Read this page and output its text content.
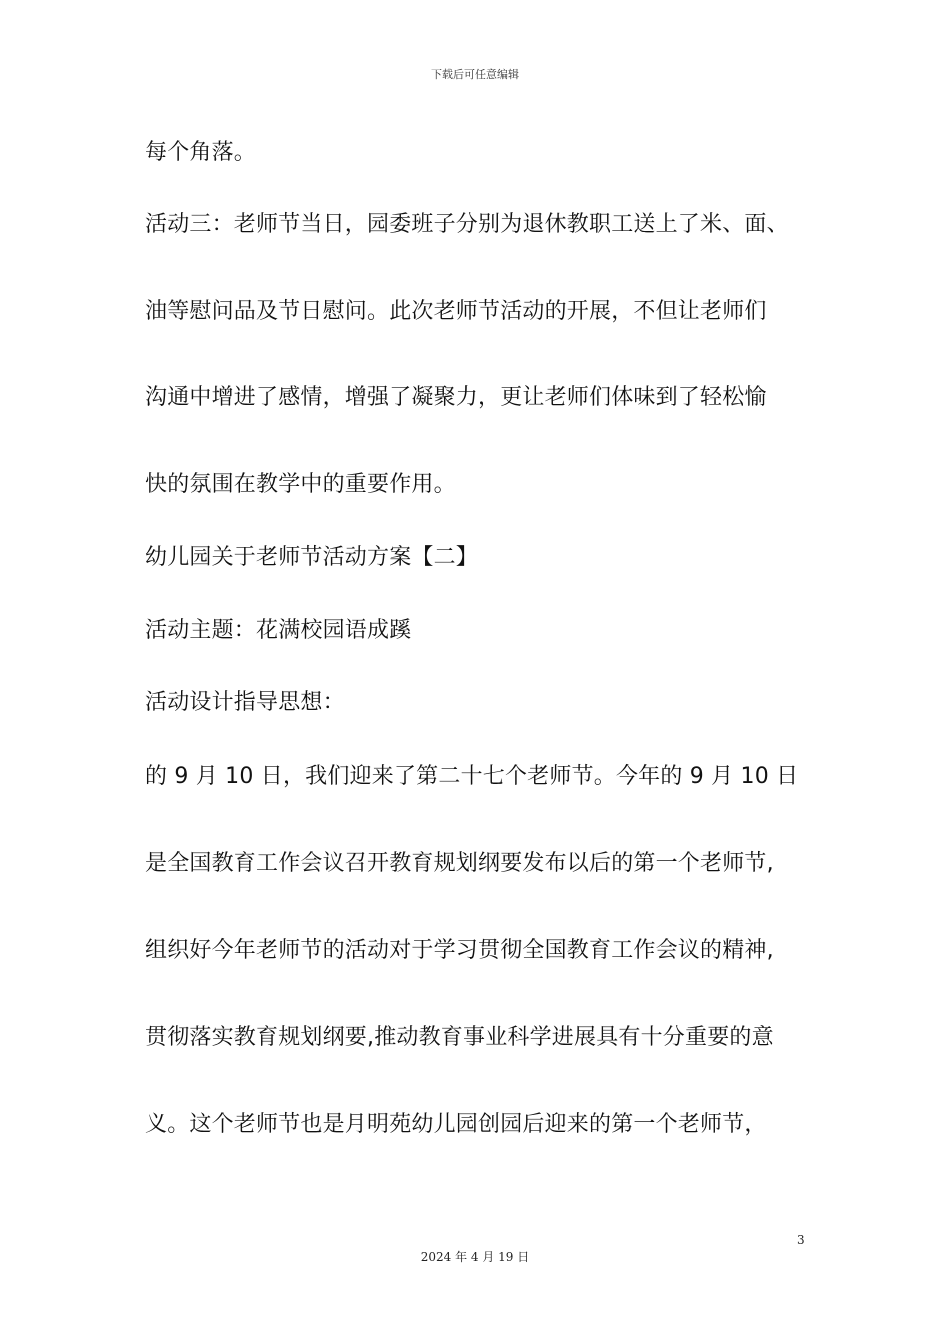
下载后可任意编辑
每个角落。
活动三：老师节当日，园委班子分别为退休教职工送上了米、面、
油等慰问品及节日慰问。此次老师节活动的开展，不但让老师们
沟通中增进了感情，增强了凝聚力，更让老师们体味到了轻松愉
快的氛围在教学中的重要作用。
幼儿园关于老师节活动方案【二】
活动主题：花满校园语成蹊
活动设计指导思想：
的 9 月 10 日，我们迎来了第二十七个老师节。今年的 9 月 10 日
是全国教育工作会议召开教育规划纲要发布以后的第一个老师节,
组织好今年老师节的活动对于学习贯彻全国教育工作会议的精神,
贯彻落实教育规划纲要,推动教育事业科学进展具有十分重要的意
义。这个老师节也是月明苑幼儿园创园后迎来的第一个老师节，
3
2024 年 4 月 19 日
